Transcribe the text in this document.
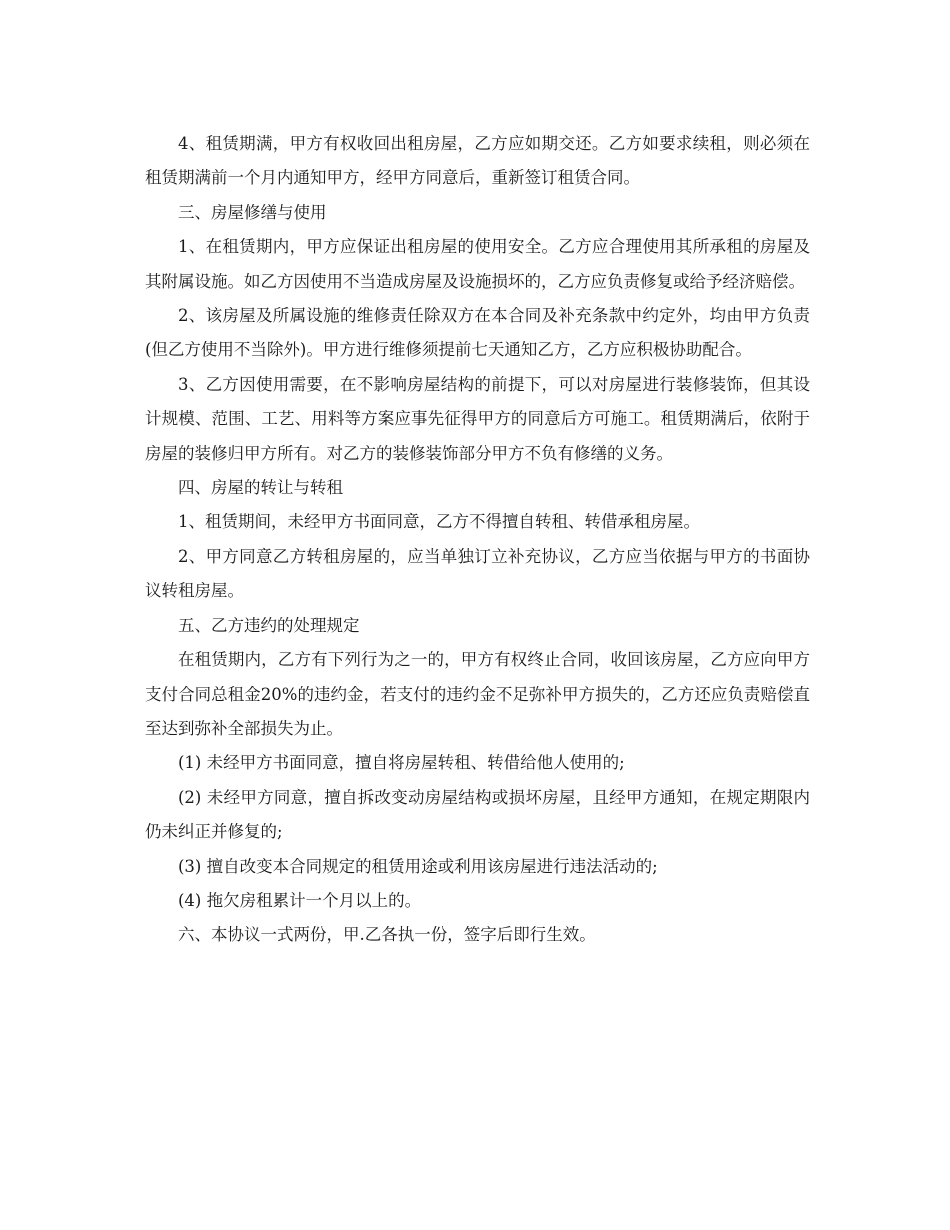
4、租赁期满，甲方有权收回出租房屋，乙方应如期交还。乙方如要求续租，则必须在租赁期满前一个月内通知甲方，经甲方同意后，重新签订租赁合同。

三、房屋修缮与使用

1、在租赁期内，甲方应保证出租房屋的使用安全。乙方应合理使用其所承租的房屋及其附属设施。如乙方因使用不当造成房屋及设施损坏的，乙方应负责修复或给予经济赔偿。

2、该房屋及所属设施的维修责任除双方在本合同及补充条款中约定外，均由甲方负责(但乙方使用不当除外)。甲方进行维修须提前七天通知乙方，乙方应积极协助配合。

3、乙方因使用需要，在不影响房屋结构的前提下，可以对房屋进行装修装饰，但其设计规模、范围、工艺、用料等方案应事先征得甲方的同意后方可施工。租赁期满后，依附于房屋的装修归甲方所有。对乙方的装修装饰部分甲方不负有修缮的义务。

四、房屋的转让与转租

1、租赁期间，未经甲方书面同意，乙方不得擅自转租、转借承租房屋。

2、甲方同意乙方转租房屋的，应当单独订立补充协议，乙方应当依据与甲方的书面协议转租房屋。

五、乙方违约的处理规定

在租赁期内，乙方有下列行为之一的，甲方有权终止合同，收回该房屋，乙方应向甲方支付合同总租金20%的违约金，若支付的违约金不足弥补甲方损失的，乙方还应负责赔偿直至达到弥补全部损失为止。

(1) 未经甲方书面同意，擅自将房屋转租、转借给他人使用的;

(2) 未经甲方同意，擅自拆改变动房屋结构或损坏房屋，且经甲方通知，在规定期限内仍未纠正并修复的;

(3) 擅自改变本合同规定的租赁用途或利用该房屋进行违法活动的;

(4) 拖欠房租累计一个月以上的。

六、本协议一式两份，甲.乙各执一份，签字后即行生效。
